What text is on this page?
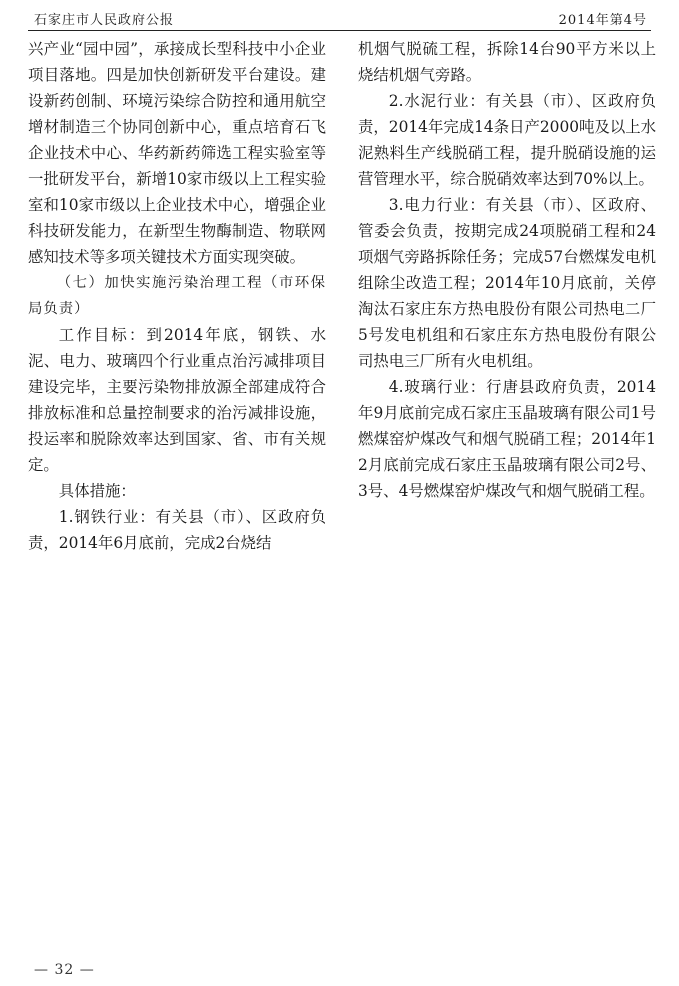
石家庄市人民政府公报	2014年第4号

兴产业“园中园”，承接成长型科技中小企业项目落地。四是加快创新研发平台建设。建设新药创制、环境污染综合防控和通用航空增材制造三个协同创新中心，重点培育石飞企业技术中心、华药新药筛选工程实验室等一批研发平台，新增10家市级以上工程实验室和10家市级以上企业技术中心，增强企业科技研发能力，在新型生物酶制造、物联网感知技术等多项关键技术方面实现突破。

（七）加快实施污染治理工程（市环保局负责）

工作目标：到2014年底，钢铁、水泥、电力、玻璃四个行业重点治污减排项目建设完毕，主要污染物排放源全部建成符合排放标准和总量控制要求的治污减排设施，投运率和脱除效率达到国家、省、市有关规定。

具体措施：

1.钢铁行业：有关县（市）、区政府负责，2014年6月底前，完成2台烧结

机烟气脱硫工程，拆除14台90平方米以上烧结机烟气旁路。

2.水泥行业：有关县（市）、区政府负责，2014年完成14条日产2000吨及以上水泥熟料生产线脱硝工程，提升脱硝设施的运营管理水平，综合脱硝效率达到70%以上。

3.电力行业：有关县（市）、区政府、管委会负责，按期完成24项脱硝工程和24项烟气旁路拆除任务；完成57台燃煤发电机组除尘改造工程；2014年10月底前，关停淘汰石家庄东方热电股份有限公司热电二厂5号发电机组和石家庄东方热电股份有限公司热电三厂所有火电机组。

4.玻璃行业：行唐县政府负责，2014年9月底前完成石家庄玉晶玻璃有限公司1号燃煤窑炉煤改气和烟气脱硝工程；2014年12月底前完成石家庄玉晶玻璃有限公司2号、3号、4号燃煤窑炉煤改气和烟气脱硝工程。

— 32 —
